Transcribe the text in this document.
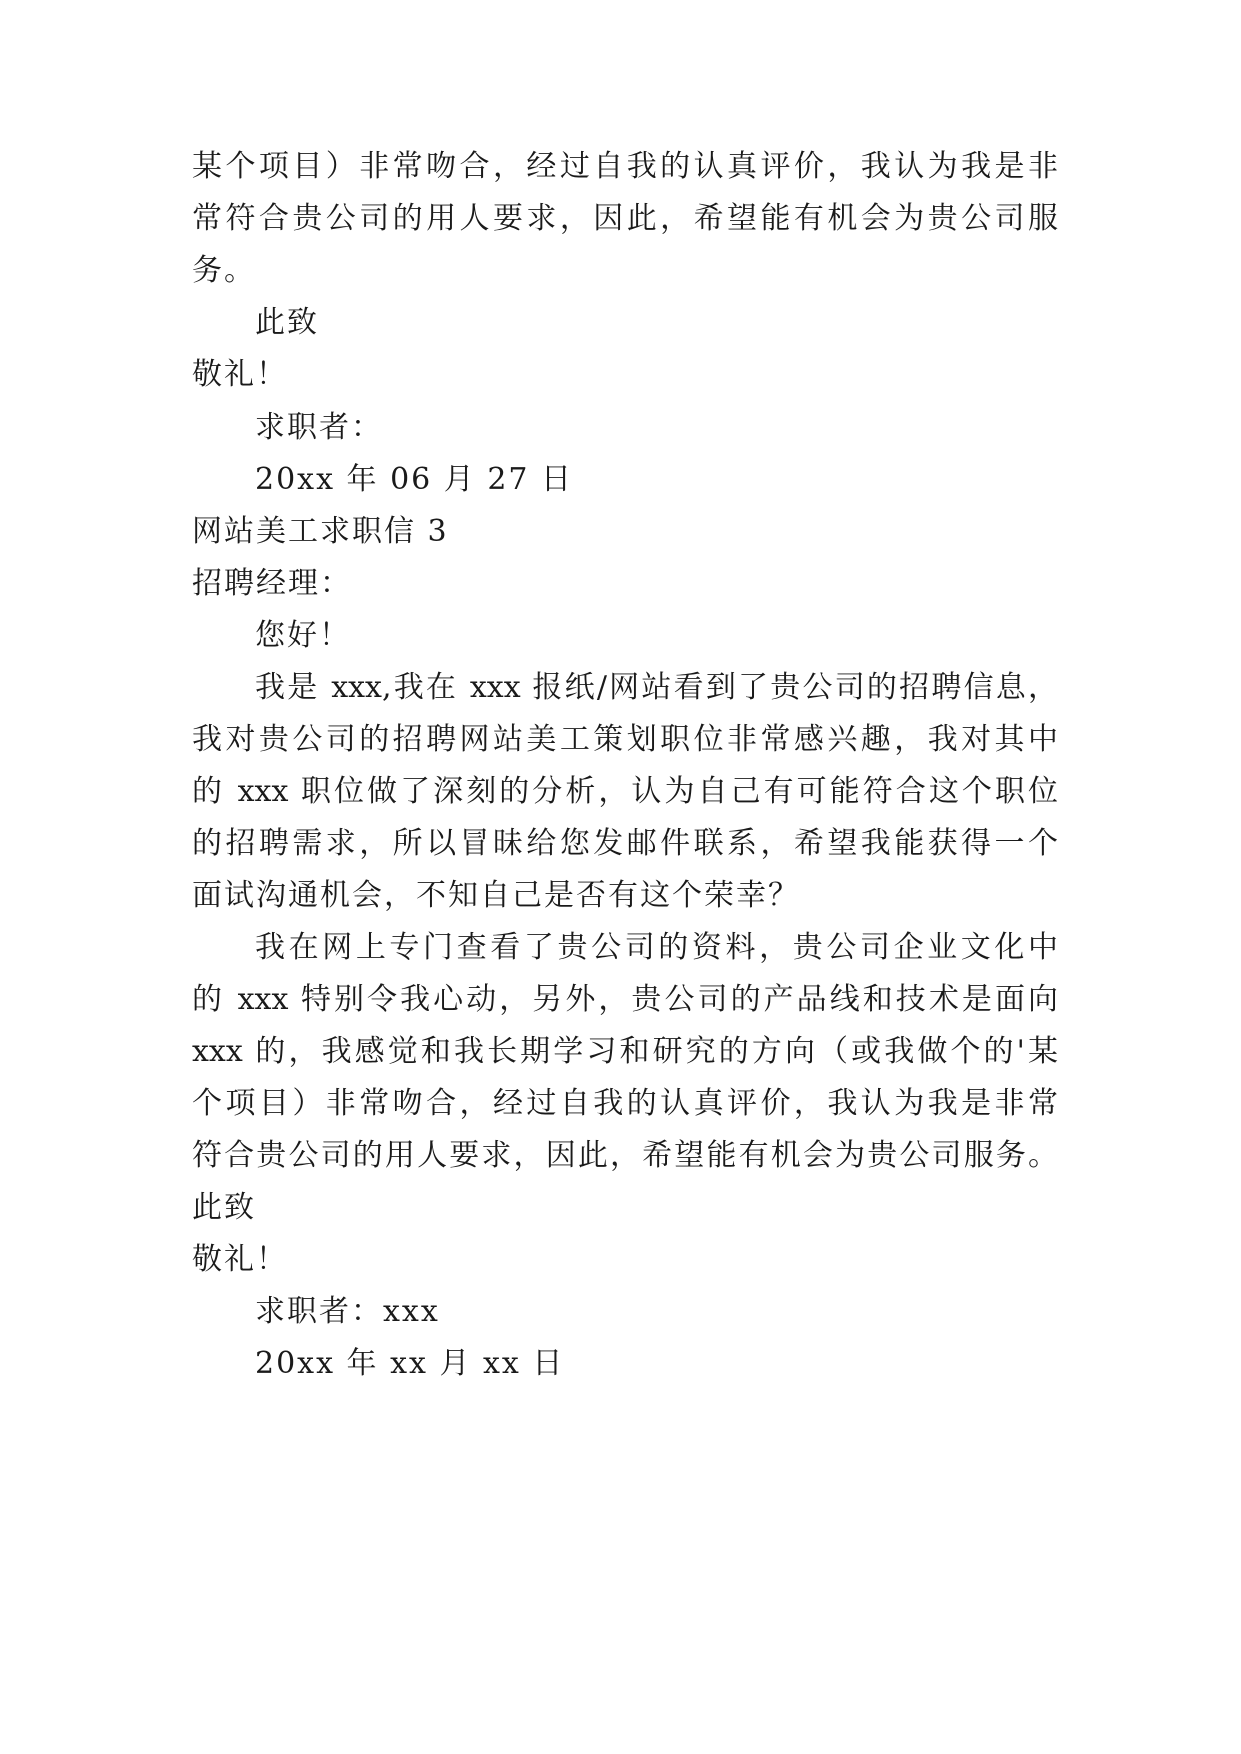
某个项目）非常吻合，经过自我的认真评价，我认为我是非
常符合贵公司的用人要求，因此，希望能有机会为贵公司服
务。
此致
敬礼！
求职者：
20xx 年 06 月 27 日
网站美工求职信 3
招聘经理：
您好！
我是 xxx,我在 xxx 报纸/网站看到了贵公司的招聘信息，
我对贵公司的招聘网站美工策划职位非常感兴趣，我对其中
的 xxx 职位做了深刻的分析，认为自己有可能符合这个职位
的招聘需求，所以冒昧给您发邮件联系，希望我能获得一个
面试沟通机会，不知自己是否有这个荣幸？
我在网上专门查看了贵公司的资料，贵公司企业文化中
的 xxx 特别令我心动，另外，贵公司的产品线和技术是面向
xxx 的，我感觉和我长期学习和研究的方向（或我做个的'某
个项目）非常吻合，经过自我的认真评价，我认为我是非常
符合贵公司的用人要求，因此，希望能有机会为贵公司服务。
此致
敬礼！
求职者：xxx
20xx 年 xx 月 xx 日
